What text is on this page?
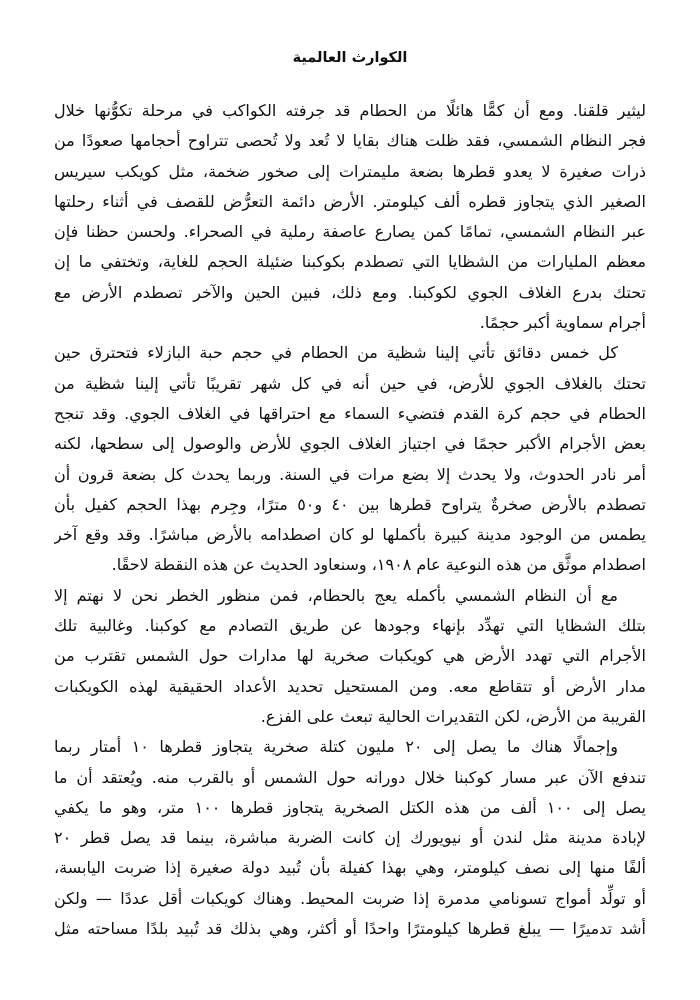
الكوارث العالمية
ليثير قلقنا. ومع أن كمًّا هائلًا من الحطام قد جرفته الكواكب في مرحلة تكوُّنها خلال
فجر النظام الشمسي، فقد ظلت هناك بقايا لا تُعد ولا تُحصى تتراوح أحجامها صعودًا من
ذرات صغيرة لا يعدو قطرها بضعة مليمترات إلى صخور ضخمة، مثل كويكب سيريس
الصغير الذي يتجاوز قطره ألف كيلومتر. الأرض دائمة التعرُّض للقصف في أثناء رحلتها
عبر النظام الشمسي، تمامًا كمن يصارع عاصفة رملية في الصحراء. ولحسن حظنا فإن
معظم المليارات من الشظايا التي تصطدم بكوكبنا ضئيلة الحجم للغاية، وتختفي ما إن
تحتك بدرع الغلاف الجوي لكوكبنا. ومع ذلك، فبين الحين والآخر تصطدم الأرض مع
أجرام سماوية أكبر حجمًا.
كل خمس دقائق تأتي إلينا شظية من الحطام في حجم حبة البازلاء فتحترق حين
تحتك بالغلاف الجوي للأرض، في حين أنه في كل شهر تقريبًا تأتي إلينا شظية من
الحطام في حجم كرة القدم فتضيء السماء مع احتراقها في الغلاف الجوي. وقد تنجح
بعض الأجرام الأكبر حجمًا في اجتياز الغلاف الجوي للأرض والوصول إلى سطحها، لكنه
أمر نادر الحدوث، ولا يحدث إلا بضع مرات في السنة. وربما يحدث كل بضعة قرون أن
تصطدم بالأرض صخرةٌ يتراوح قطرها بين ٤٠ و٥٠ مترًا، وجِرم بهذا الحجم كفيل بأن
يطمس من الوجود مدينة كبيرة بأكملها لو كان اصطدامه بالأرض مباشرًا. وقد وقع آخر
اصطدام موثَّق من هذه النوعية عام ١٩٠٨، وسنعاود الحديث عن هذه النقطة لاحقًا.
مع أن النظام الشمسي بأكمله يعج بالحطام، فمن منظور الخطر نحن لا نهتم إلا
بتلك الشظايا التي تهدِّد بإنهاء وجودها عن طريق التصادم مع كوكبنا. وغالبية تلك
الأجرام التي تهدد الأرض هي كويكبات صخرية لها مدارات حول الشمس تقترب من
مدار الأرض أو تتقاطع معه. ومن المستحيل تحديد الأعداد الحقيقية لهذه الكويكبات
القريبة من الأرض، لكن التقديرات الحالية تبعث على الفزع.
وإجمالًا هناك ما يصل إلى ٢٠ مليون كتلة صخرية يتجاوز قطرها ١٠ أمتار ربما
تندفع الآن عبر مسار كوكبنا خلال دورانه حول الشمس أو بالقرب منه. ويُعتقد أن ما
يصل إلى ١٠٠ ألف من هذه الكتل الصخرية يتجاوز قطرها ١٠٠ متر، وهو ما يكفي
لإبادة مدينة مثل لندن أو نيويورك إن كانت الضربة مباشرة، بينما قد يصل قطر ٢٠
ألفًا منها إلى نصف كيلومتر، وهي بهذا كفيلة بأن تُبيد دولة صغيرة إذا ضربت اليابسة،
أو تولِّد أمواج تسونامي مدمرة إذا ضربت المحيط. وهناك كويكبات أقل عددًا — ولكن
أشد تدميرًا — يبلغ قطرها كيلومترًا واحدًا أو أكثر، وهي بذلك قد تُبيد بلدًا مساحته مثل
